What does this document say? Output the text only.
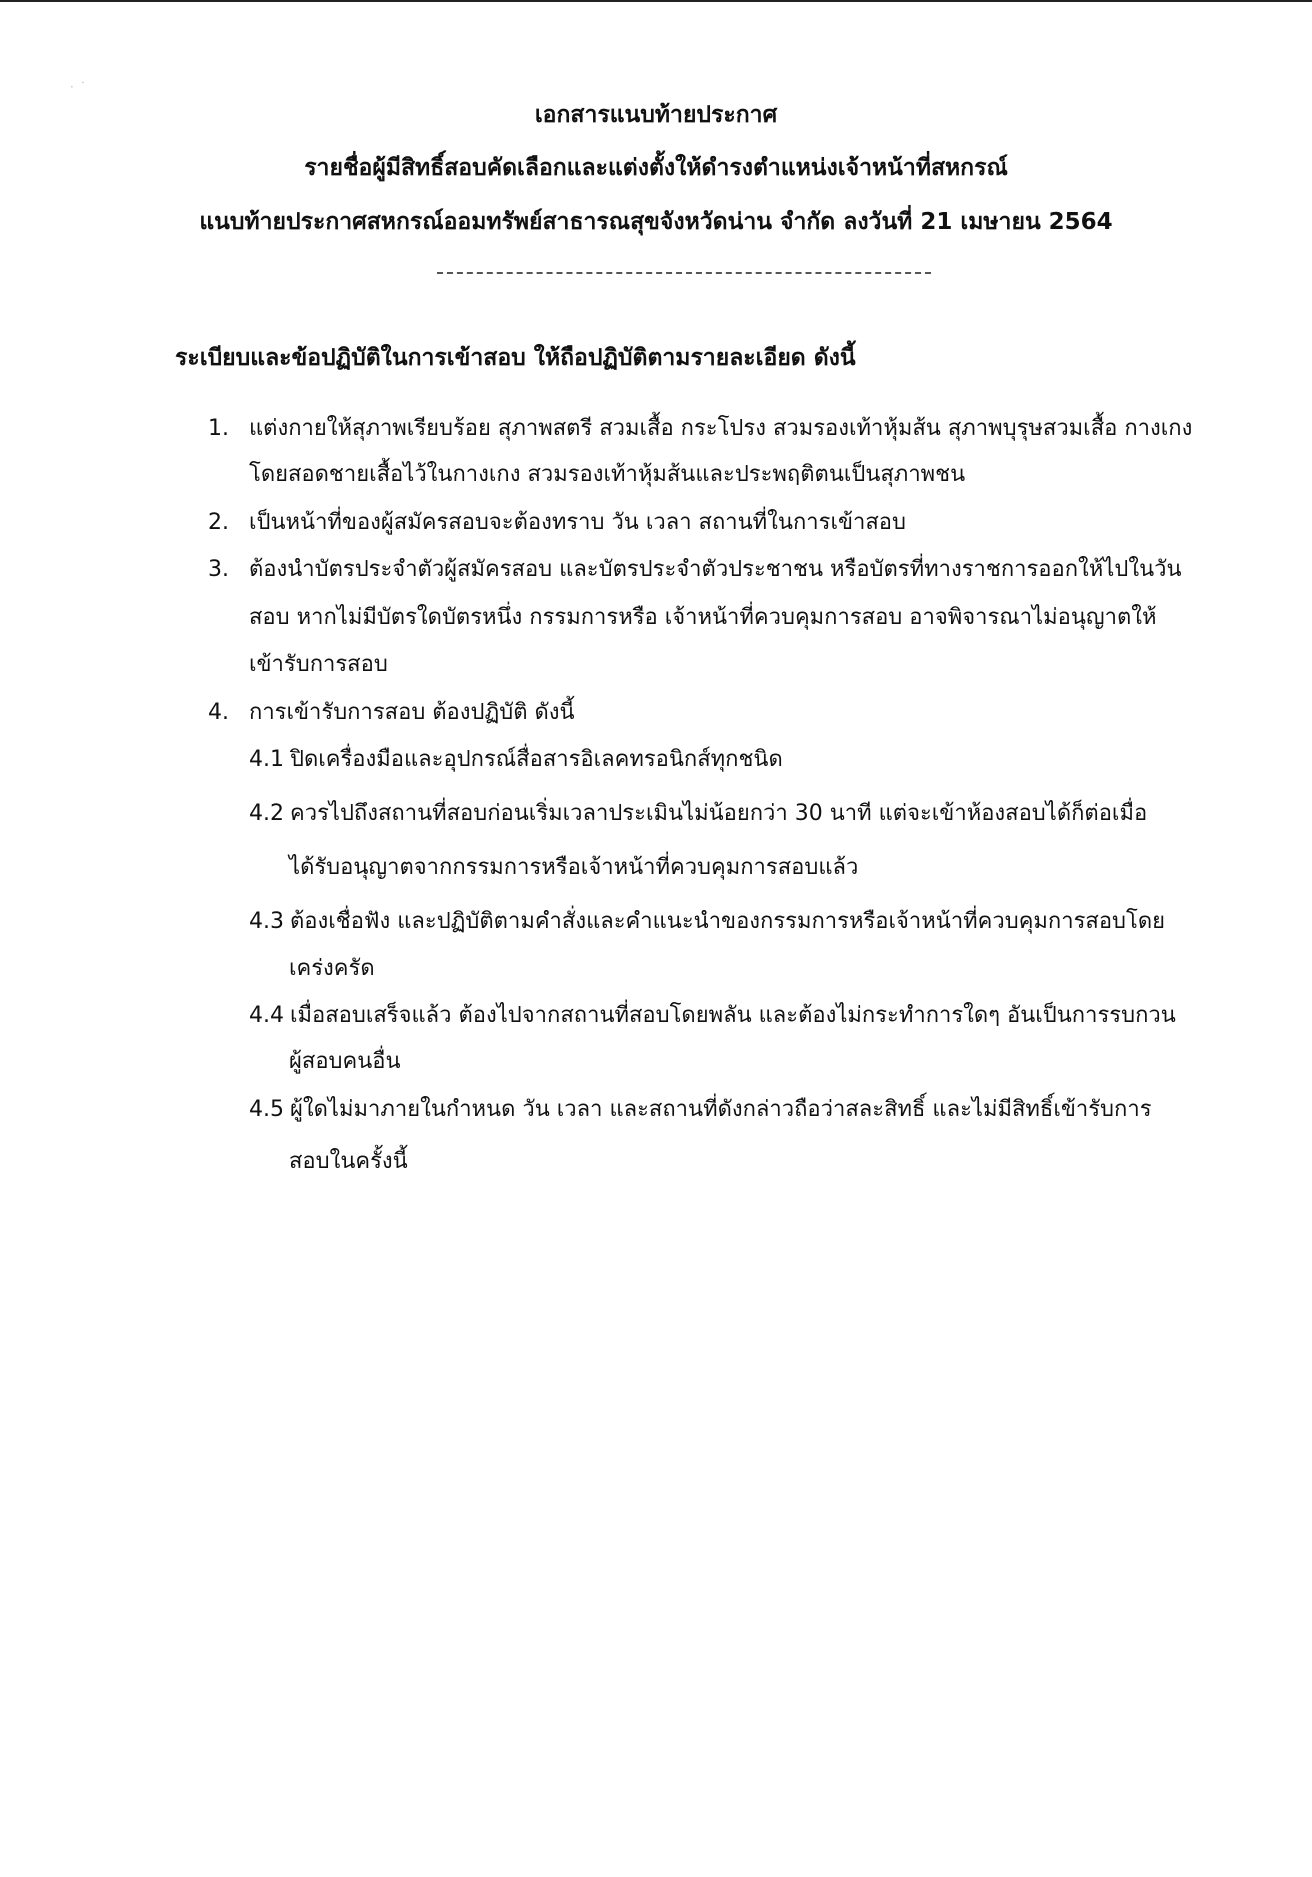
·˙
เอกสารแนบท้ายประกาศ
รายชื่อผู้มีสิทธิ์สอบคัดเลือกและแต่งตั้งให้ดำรงตำแหน่งเจ้าหน้าที่สหกรณ์
แนบท้ายประกาศสหกรณ์ออมทรัพย์สาธารณสุขจังหวัดน่าน จำกัด ลงวันที่ 21 เมษายน 2564
ระเบียบและข้อปฏิบัติในการเข้าสอบ ให้ถือปฏิบัติตามรายละเอียด ดังนี้
1. แต่งกายให้สุภาพเรียบร้อย สุภาพสตรี สวมเสื้อ กระโปรง สวมรองเท้าหุ้มส้น สุภาพบุรุษสวมเสื้อ กางเกง
โดยสอดชายเสื้อไว้ในกางเกง สวมรองเท้าหุ้มส้นและประพฤติตนเป็นสุภาพชน
2. เป็นหน้าที่ของผู้สมัครสอบจะต้องทราบ วัน เวลา สถานที่ในการเข้าสอบ
3. ต้องนำบัตรประจำตัวผู้สมัครสอบ และบัตรประจำตัวประชาชน หรือบัตรที่ทางราชการออกให้ไปในวัน
สอบ หากไม่มีบัตรใดบัตรหนึ่ง กรรมการหรือ เจ้าหน้าที่ควบคุมการสอบ อาจพิจารณาไม่อนุญาตให้
เข้ารับการสอบ
4. การเข้ารับการสอบ ต้องปฏิบัติ ดังนี้
4.1 ปิดเครื่องมือและอุปกรณ์สื่อสารอิเลคทรอนิกส์ทุกชนิด
4.2 ควรไปถึงสถานที่สอบก่อนเริ่มเวลาประเมินไม่น้อยกว่า 30 นาที แต่จะเข้าห้องสอบได้ก็ต่อเมื่อ
ได้รับอนุญาตจากกรรมการหรือเจ้าหน้าที่ควบคุมการสอบแล้ว
4.3 ต้องเชื่อฟัง และปฏิบัติตามคำสั่งและคำแนะนำของกรรมการหรือเจ้าหน้าที่ควบคุมการสอบโดย
เคร่งครัด
4.4 เมื่อสอบเสร็จแล้ว ต้องไปจากสถานที่สอบโดยพลัน และต้องไม่กระทำการใดๆ อันเป็นการรบกวน
ผู้สอบคนอื่น
4.5 ผู้ใดไม่มาภายในกำหนด วัน เวลา และสถานที่ดังกล่าวถือว่าสละสิทธิ์ และไม่มีสิทธิ์เข้ารับการ
สอบในครั้งนี้
